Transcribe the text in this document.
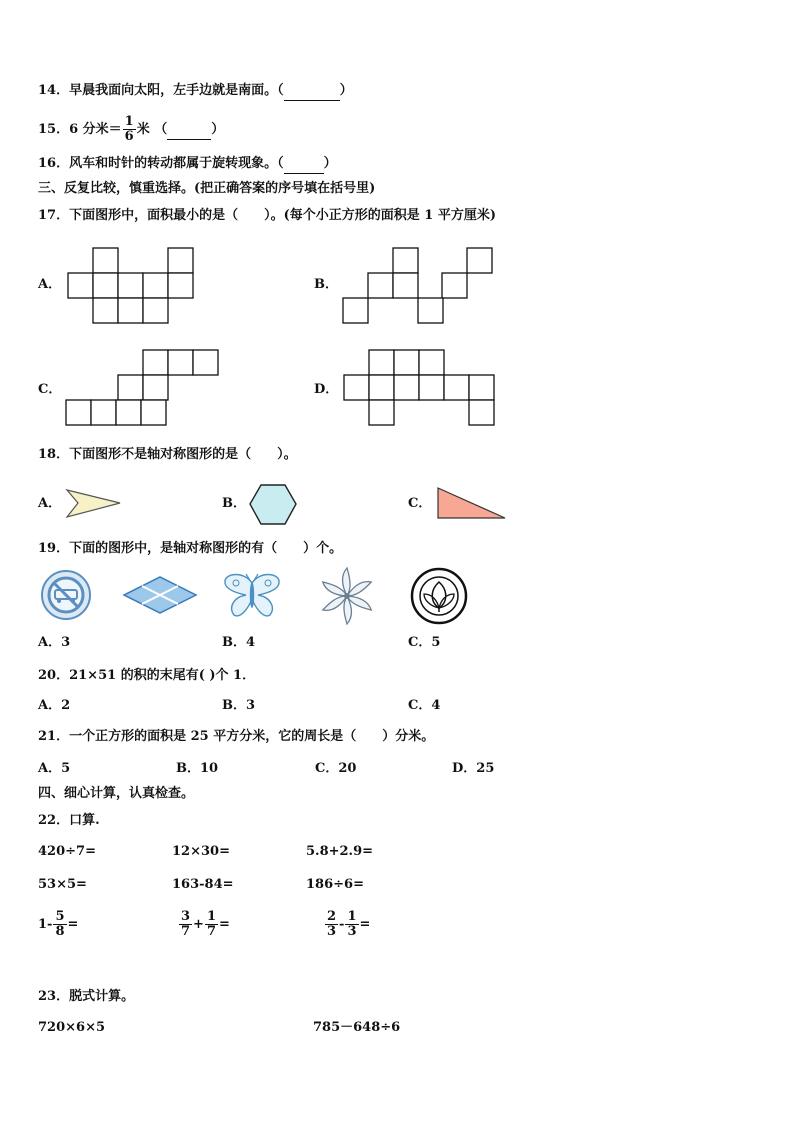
14．早晨我面向太阳，左手边就是南面。（	）
15．6 分米＝ $\frac{1}{6}$ 米 （	）
16．风车和时针的转动都属于旋转现象。（	）
三、反复比较，慎重选择。(把正确答案的序号填在括号里)
17．下面图形中，面积最小的是（　　）。(每个小正方形的面积是 1 平方厘米)
A．	B．
C．	D．
18．下面图形不是轴对称图形的是（　　）。
A．	B．	C．
19．下面的图形中，是轴对称图形的有（　　）个。
A．3	B．4	C．5
20．21×51 的积的末尾有( )个 1．
A．2	B．3	C．4
21．一个正方形的面积是 25 平方分米，它的周长是（　　）分米。
A．5	B．10	C．20	D．25
四、细心计算，认真检查。
22．口算.
420÷7=	12×30=	5.8+2.9=
53×5=	163-84=	186÷6=
$1- \frac{5}{8}$ =	$\frac{3}{7} + \frac{1}{7}$ =	$\frac{2}{3} - \frac{1}{3}$ =
23．脱式计算。
720×6×5	785－648÷6
